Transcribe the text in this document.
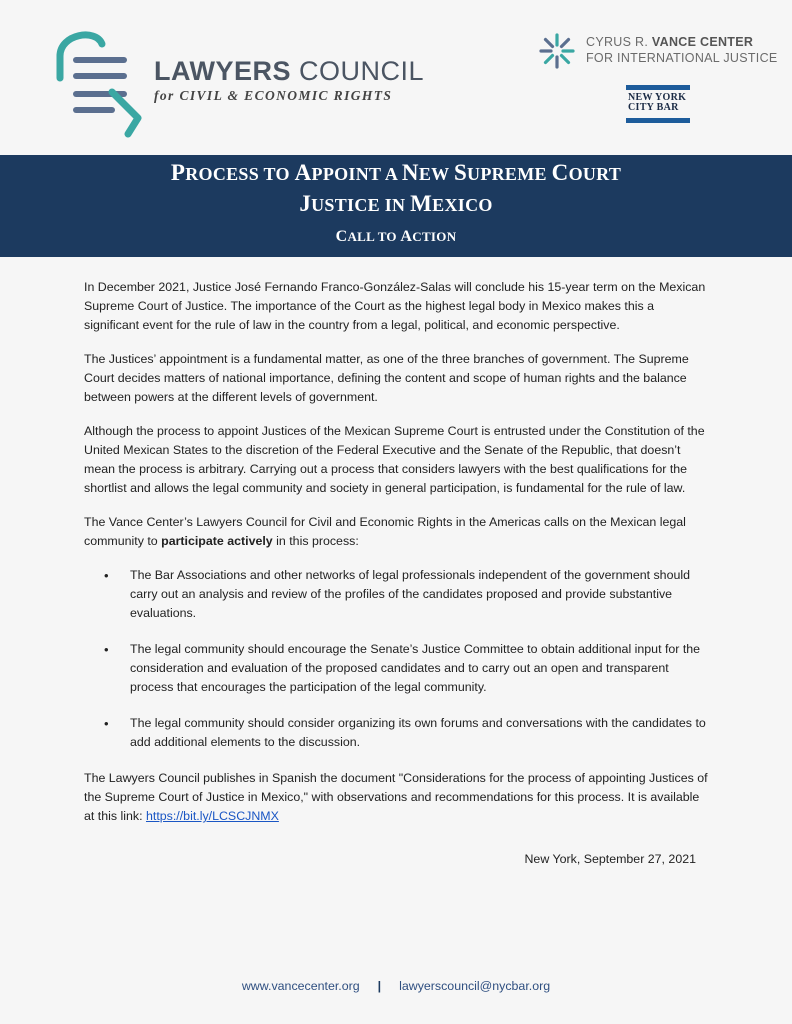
LAWYERS COUNCIL
for CIVIL & ECONOMIC RIGHTS
CYRUS R. VANCE CENTER
FOR INTERNATIONAL JUSTICE
NEW YORK
CITY BAR
PROCESS TO APPOINT A NEW SUPREME COURT
JUSTICE IN MEXICO
CALL TO ACTION

In December 2021, Justice José Fernando Franco-González-Salas will conclude his 15-year term on the Mexican Supreme Court of Justice. The importance of the Court as the highest legal body in Mexico makes this a significant event for the rule of law in the country from a legal, political, and economic perspective.

The Justices’ appointment is a fundamental matter, as one of the three branches of government. The Supreme Court decides matters of national importance, defining the content and scope of human rights and the balance between powers at the different levels of government.

Although the process to appoint Justices of the Mexican Supreme Court is entrusted under the Constitution of the United Mexican States to the discretion of the Federal Executive and the Senate of the Republic, that doesn’t mean the process is arbitrary. Carrying out a process that considers lawyers with the best qualifications for the shortlist and allows the legal community and society in general participation, is fundamental for the rule of law.

The Vance Center’s Lawyers Council for Civil and Economic Rights in the Americas calls on the Mexican legal community to participate actively in this process:

• The Bar Associations and other networks of legal professionals independent of the government should carry out an analysis and review of the profiles of the candidates proposed and provide substantive evaluations.
• The legal community should encourage the Senate’s Justice Committee to obtain additional input for the consideration and evaluation of the proposed candidates and to carry out an open and transparent process that encourages the participation of the legal community.
• The legal community should consider organizing its own forums and conversations with the candidates to add additional elements to the discussion.

The Lawyers Council publishes in Spanish the document "Considerations for the process of appointing Justices of the Supreme Court of Justice in Mexico," with observations and recommendations for this process. It is available at this link: https://bit.ly/LCSCJNMX

New York, September 27, 2021
www.vancecenter.org | lawyerscouncil@nycbar.org
